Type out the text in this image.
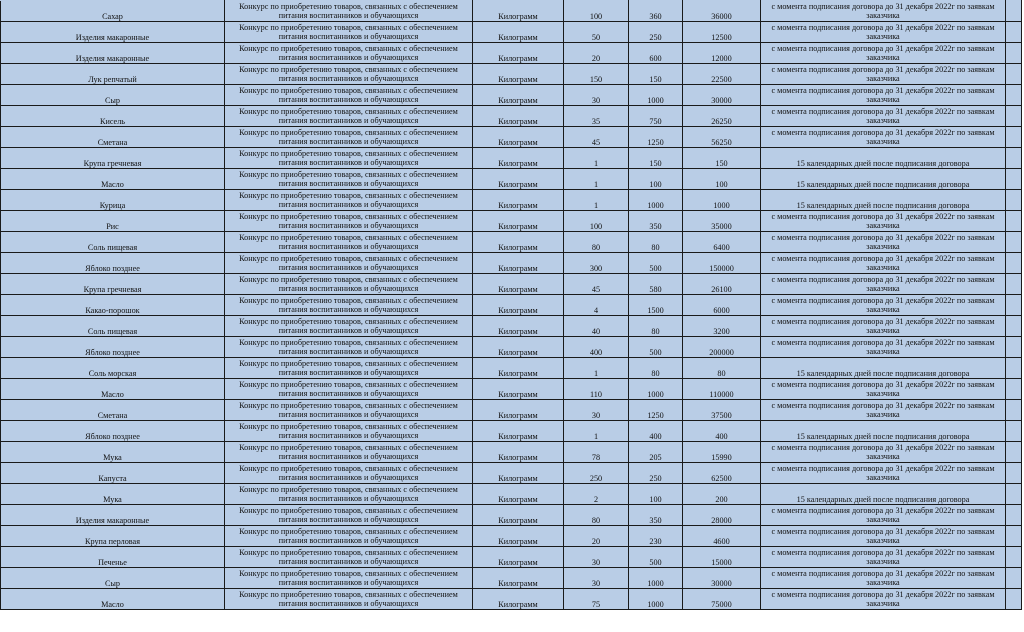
Сахар	Конкурс по приобретению товаров, связанных с обеспечением питания воспитанников и обучающихся	Килограмм	100	360	36000	с момента подписания договора до 31 декабря 2022г по заявкам заказчика	
Изделия макаронные	Конкурс по приобретению товаров, связанных с обеспечением питания воспитанников и обучающихся	Килограмм	50	250	12500	с момента подписания договора до 31 декабря 2022г по заявкам заказчика	
Изделия макаронные	Конкурс по приобретению товаров, связанных с обеспечением питания воспитанников и обучающихся	Килограмм	20	600	12000	с момента подписания договора до 31 декабря 2022г по заявкам заказчика	
Лук репчатый	Конкурс по приобретению товаров, связанных с обеспечением питания воспитанников и обучающихся	Килограмм	150	150	22500	с момента подписания договора до 31 декабря 2022г по заявкам заказчика	
Сыр	Конкурс по приобретению товаров, связанных с обеспечением питания воспитанников и обучающихся	Килограмм	30	1000	30000	с момента подписания договора до 31 декабря 2022г по заявкам заказчика	
Кисель	Конкурс по приобретению товаров, связанных с обеспечением питания воспитанников и обучающихся	Килограмм	35	750	26250	с момента подписания договора до 31 декабря 2022г по заявкам заказчика	
Сметана	Конкурс по приобретению товаров, связанных с обеспечением питания воспитанников и обучающихся	Килограмм	45	1250	56250	с момента подписания договора до 31 декабря 2022г по заявкам заказчика	
Крупа гречневая	Конкурс по приобретению товаров, связанных с обеспечением питания воспитанников и обучающихся	Килограмм	1	150	150	15 календарных дней после подписания договора	
Масло	Конкурс по приобретению товаров, связанных с обеспечением питания воспитанников и обучающихся	Килограмм	1	100	100	15 календарных дней после подписания договора	
Курица	Конкурс по приобретению товаров, связанных с обеспечением питания воспитанников и обучающихся	Килограмм	1	1000	1000	15 календарных дней после подписания договора	
Рис	Конкурс по приобретению товаров, связанных с обеспечением питания воспитанников и обучающихся	Килограмм	100	350	35000	с момента подписания договора до 31 декабря 2022г по заявкам заказчика	
Соль пищевая	Конкурс по приобретению товаров, связанных с обеспечением питания воспитанников и обучающихся	Килограмм	80	80	6400	с момента подписания договора до 31 декабря 2022г по заявкам заказчика	
Яблоко позднее	Конкурс по приобретению товаров, связанных с обеспечением питания воспитанников и обучающихся	Килограмм	300	500	150000	с момента подписания договора до 31 декабря 2022г по заявкам заказчика	
Крупа гречневая	Конкурс по приобретению товаров, связанных с обеспечением питания воспитанников и обучающихся	Килограмм	45	580	26100	с момента подписания договора до 31 декабря 2022г по заявкам заказчика	
Какао-порошок	Конкурс по приобретению товаров, связанных с обеспечением питания воспитанников и обучающихся	Килограмм	4	1500	6000	с момента подписания договора до 31 декабря 2022г по заявкам заказчика	
Соль пищевая	Конкурс по приобретению товаров, связанных с обеспечением питания воспитанников и обучающихся	Килограмм	40	80	3200	с момента подписания договора до 31 декабря 2022г по заявкам заказчика	
Яблоко позднее	Конкурс по приобретению товаров, связанных с обеспечением питания воспитанников и обучающихся	Килограмм	400	500	200000	с момента подписания договора до 31 декабря 2022г по заявкам заказчика	
Соль морская	Конкурс по приобретению товаров, связанных с обеспечением питания воспитанников и обучающихся	Килограмм	1	80	80	15 календарных дней после подписания договора	
Масло	Конкурс по приобретению товаров, связанных с обеспечением питания воспитанников и обучающихся	Килограмм	110	1000	110000	с момента подписания договора до 31 декабря 2022г по заявкам заказчика	
Сметана	Конкурс по приобретению товаров, связанных с обеспечением питания воспитанников и обучающихся	Килограмм	30	1250	37500	с момента подписания договора до 31 декабря 2022г по заявкам заказчика	
Яблоко позднее	Конкурс по приобретению товаров, связанных с обеспечением питания воспитанников и обучающихся	Килограмм	1	400	400	15 календарных дней после подписания договора	
Мука	Конкурс по приобретению товаров, связанных с обеспечением питания воспитанников и обучающихся	Килограмм	78	205	15990	с момента подписания договора до 31 декабря 2022г по заявкам заказчика	
Капуста	Конкурс по приобретению товаров, связанных с обеспечением питания воспитанников и обучающихся	Килограмм	250	250	62500	с момента подписания договора до 31 декабря 2022г по заявкам заказчика	
Мука	Конкурс по приобретению товаров, связанных с обеспечением питания воспитанников и обучающихся	Килограмм	2	100	200	15 календарных дней после подписания договора	
Изделия макаронные	Конкурс по приобретению товаров, связанных с обеспечением питания воспитанников и обучающихся	Килограмм	80	350	28000	с момента подписания договора до 31 декабря 2022г по заявкам заказчика	
Крупа перловая	Конкурс по приобретению товаров, связанных с обеспечением питания воспитанников и обучающихся	Килограмм	20	230	4600	с момента подписания договора до 31 декабря 2022г по заявкам заказчика	
Печенье	Конкурс по приобретению товаров, связанных с обеспечением питания воспитанников и обучающихся	Килограмм	30	500	15000	с момента подписания договора до 31 декабря 2022г по заявкам заказчика	
Сыр	Конкурс по приобретению товаров, связанных с обеспечением питания воспитанников и обучающихся	Килограмм	30	1000	30000	с момента подписания договора до 31 декабря 2022г по заявкам заказчика	
Масло	Конкурс по приобретению товаров, связанных с обеспечением питания воспитанников и обучающихся	Килограмм	75	1000	75000	с момента подписания договора до 31 декабря 2022г по заявкам заказчика	
